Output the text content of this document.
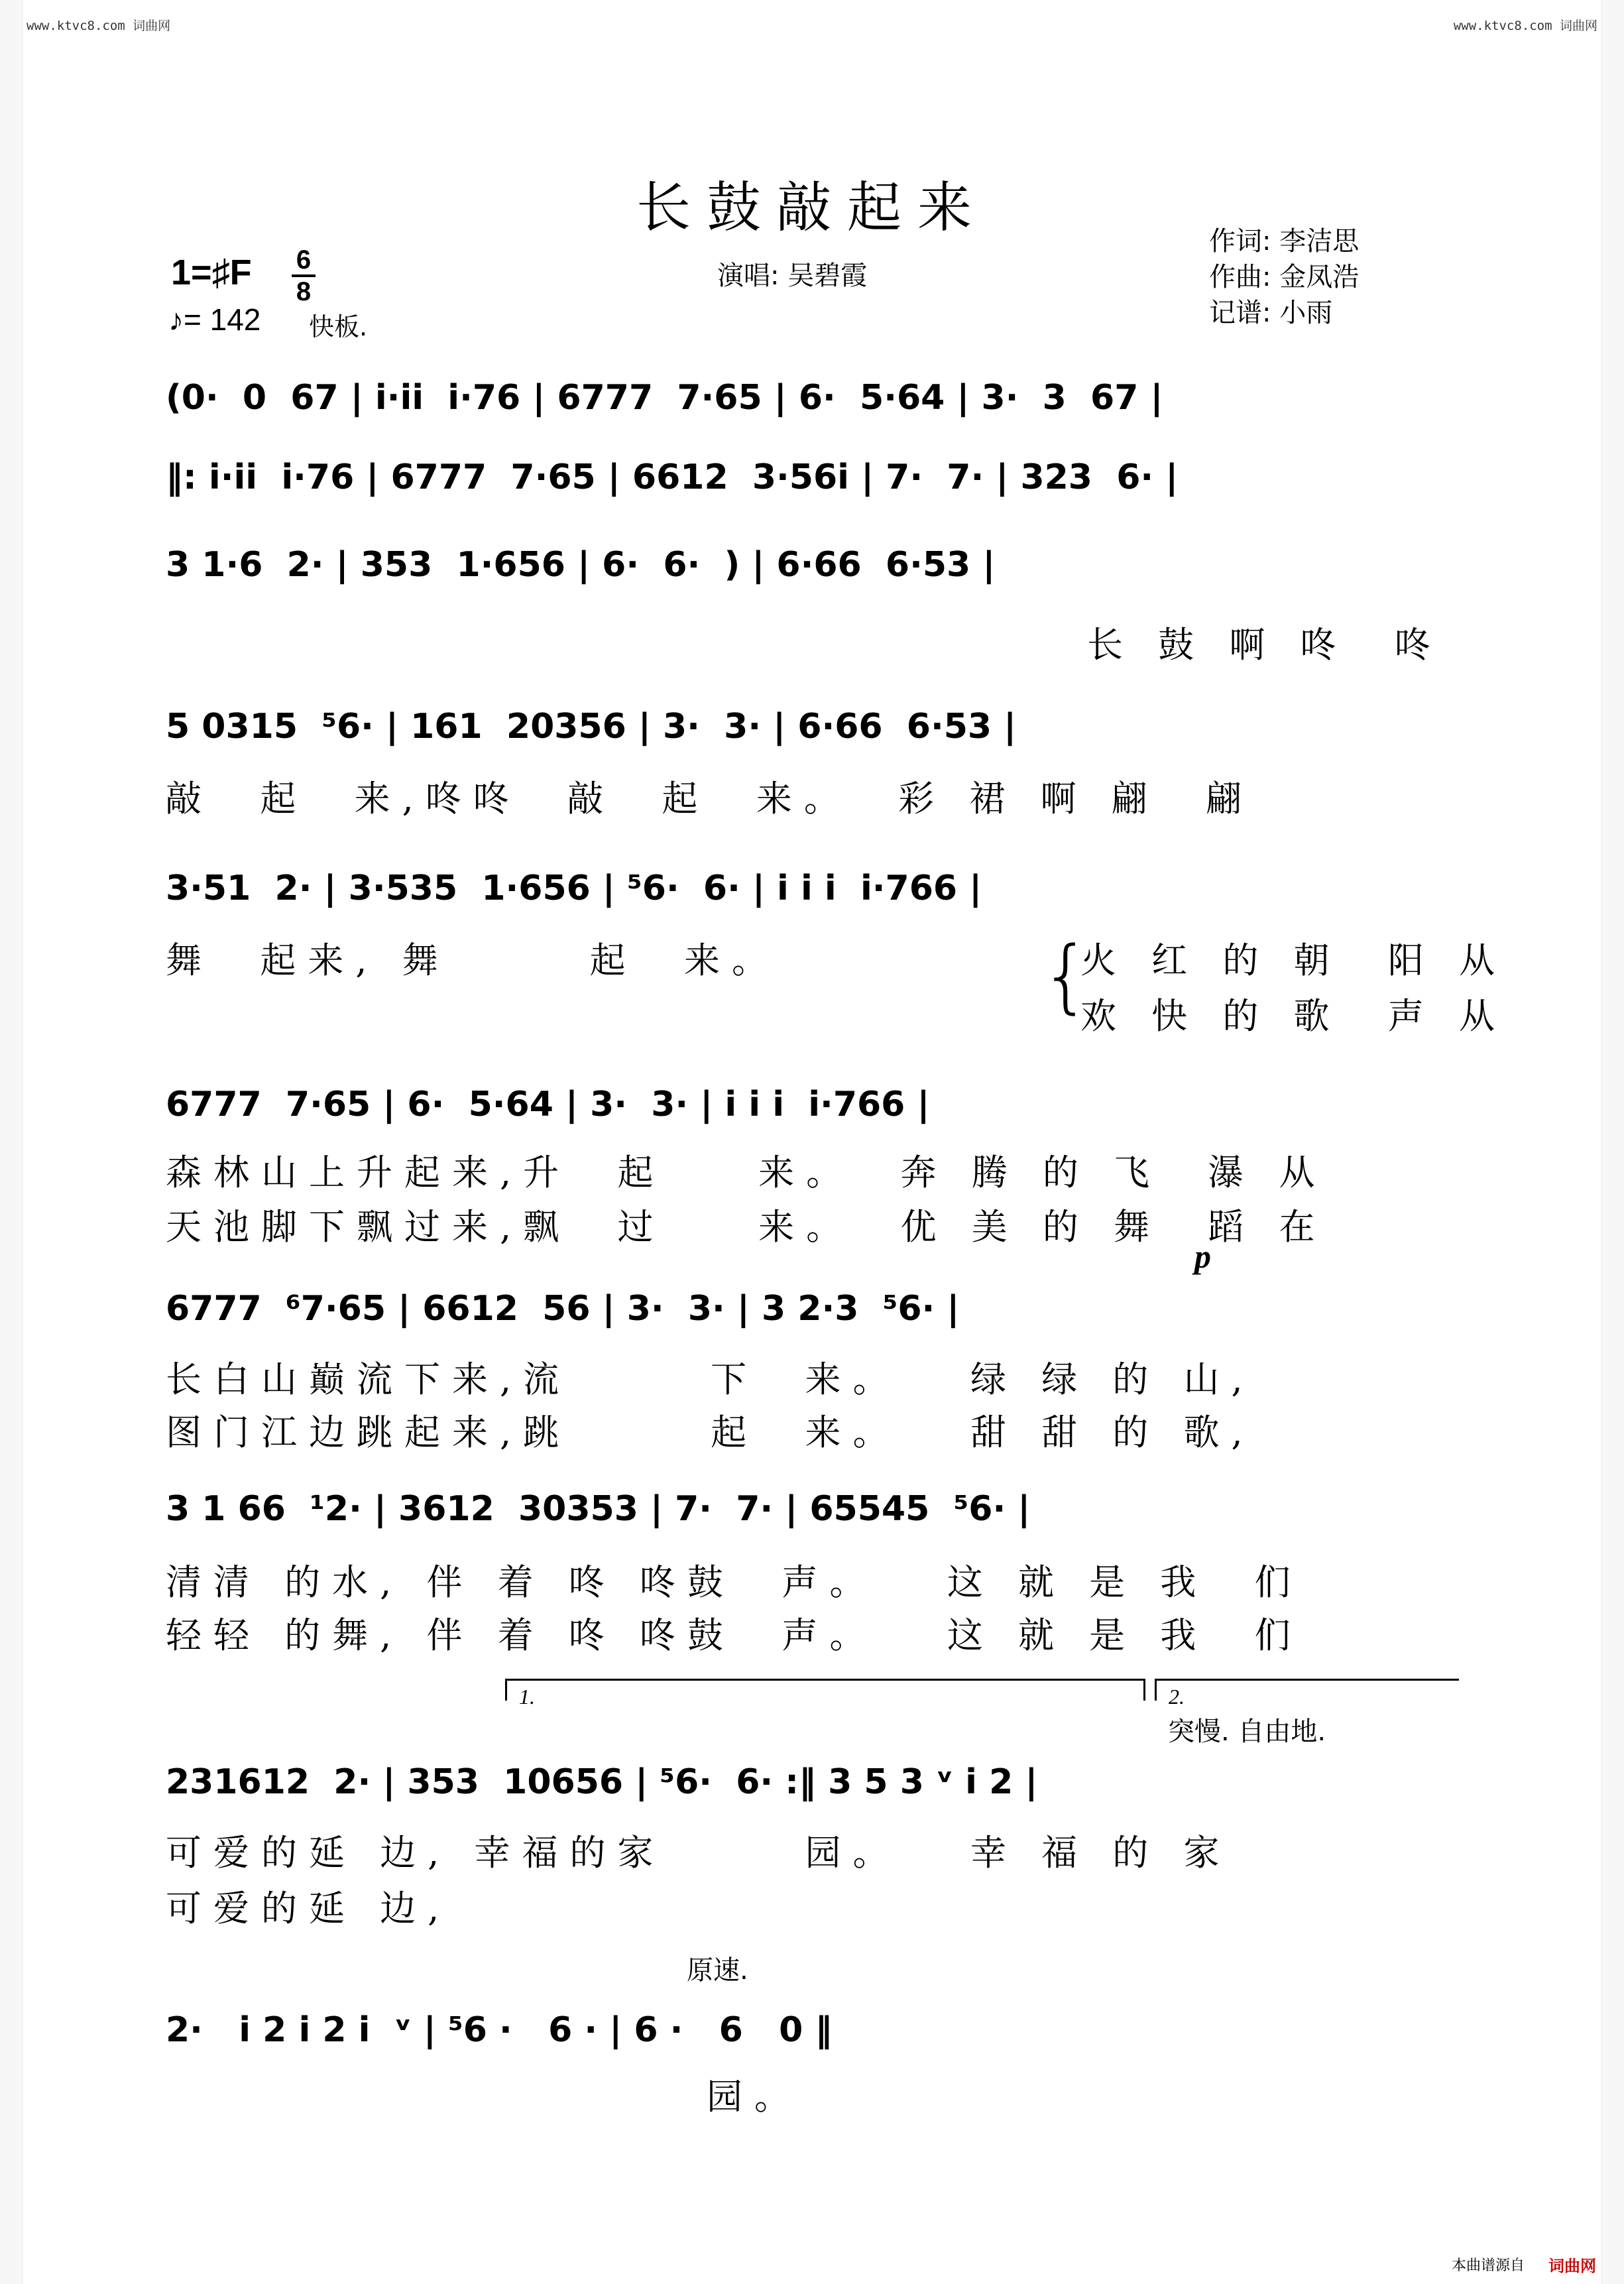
www.ktvc8.com 词曲网	www.ktvc8.com 词曲网
长鼓敲起来
演唱: 吴碧霞
作词: 李洁思
作曲: 金凤浩
记谱: 小雨
1=♯F 6
8
♪= 142 快板.
(0·  0  67 | i·ii  i·76 | 6777  7·65 | 6·  5·64 | 3·  3  67 |
‖: i·ii  i·76 | 6777  7·65 | 6612  3·56i | 7·  7· | 323  6· |
3 1·6  2· | 353  1·656 | 6·  6·  ) | 6·66  6·53 |
长 鼓 啊 咚  咚
5 0315  ⁵6· | 161  20356 | 3·  3· | 6·66  6·53 |
敲  起  来,咚咚  敲  起  来。  彩 裙 啊 翩  翩
3·51  2· | 3·535  1·656 | ⁵6·  6· | i i i  i·766 |
舞  起来, 舞      起  来。	{
火 红 的 朝  阳 从
欢 快 的 歌  声 从
6777  7·65 | 6·  5·64 | 3·  3· | i i i  i·766 |
森林山上升起来,升  起    来。  奔 腾 的 飞  瀑 从
天池脚下飘过来,飘  过    来。  优 美 的 舞  蹈 在
p
6777  ⁶7·65 | 6612  56 | 3·  3· | 3 2·3  ⁵6· |
长白山巅流下来,流      下  来。   绿 绿 的 山,
图门江边跳起来,跳      起  来。   甜 甜 的 歌,
3 1 66  ¹2· | 3612  30353 | 7·  7· | 65545  ⁵6· |
清清 的水, 伴 着 咚 咚鼓  声。   这 就 是 我  们
轻轻 的舞, 伴 着 咚 咚鼓  声。   这 就 是 我  们
1.	2.
突慢. 自由地.
231612  2· | 353  10656 | ⁵6·  6· :‖ 3 5 3 ᵛ i 2 |
可爱的延 边, 幸福的家      园。   幸 福 的 家
可爱的延 边,
原速.
2·   i 2 i 2 i  ᵛ | ⁵6 ·   6 · | 6 ·   6   0 ‖
园。
本曲谱源自 词曲网
